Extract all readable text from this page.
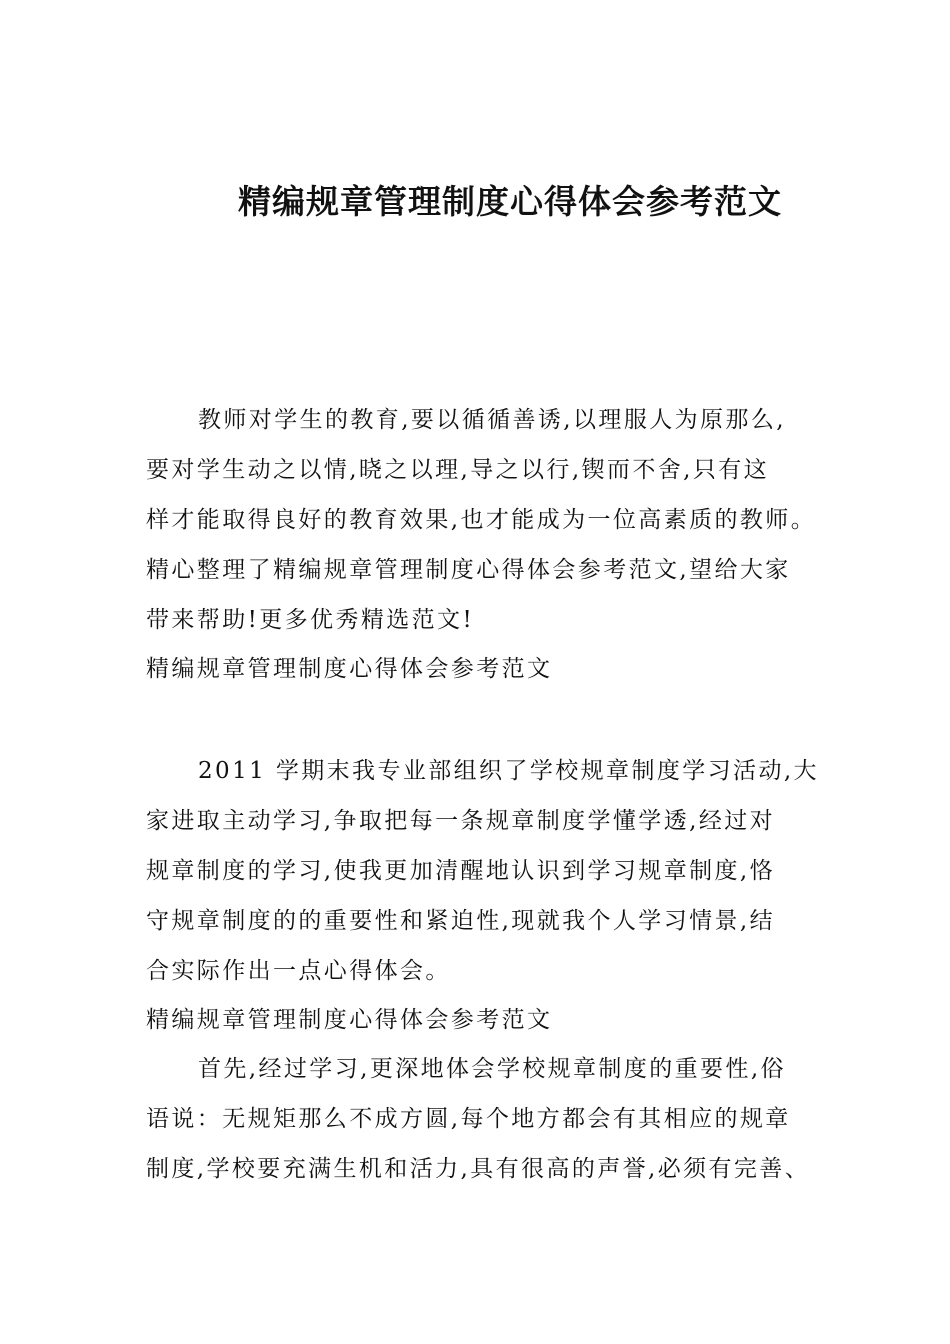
精编规章管理制度心得体会参考范文
教师对学生的教育,要以循循善诱,以理服人为原那么,
要对学生动之以情,晓之以理,导之以行,锲而不舍,只有这
样才能取得良好的教育效果,也才能成为一位高素质的教师。
精心整理了精编规章管理制度心得体会参考范文,望给大家
带来帮助!更多优秀精选范文!
精编规章管理制度心得体会参考范文
2011 学期末我专业部组织了学校规章制度学习活动,大
家进取主动学习,争取把每一条规章制度学懂学透,经过对
规章制度的学习,使我更加清醒地认识到学习规章制度,恪
守规章制度的的重要性和紧迫性,现就我个人学习情景,结
合实际作出一点心得体会。
精编规章管理制度心得体会参考范文
首先,经过学习,更深地体会学校规章制度的重要性,俗
语说：无规矩那么不成方圆,每个地方都会有其相应的规章
制度,学校要充满生机和活力,具有很高的声誉,必须有完善、
